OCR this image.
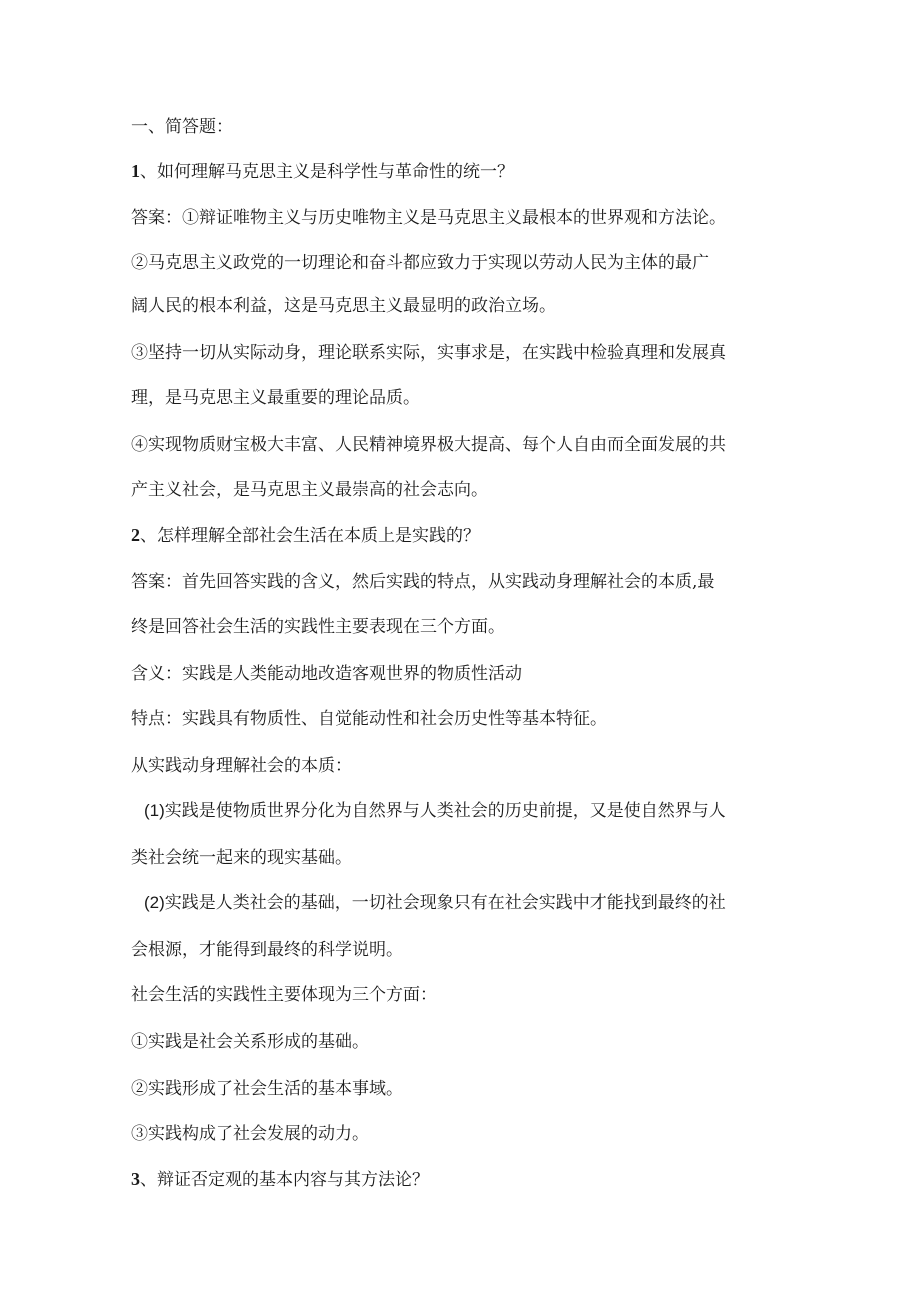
一、简答题：
1、如何理解马克思主义是科学性与革命性的统一？
答案：①辩证唯物主义与历史唯物主义是马克思主义最根本的世界观和方法论。
②马克思主义政党的一切理论和奋斗都应致力于实现以劳动人民为主体的最广
阔人民的根本利益，这是马克思主义最显明的政治立场。
③坚持一切从实际动身，理论联系实际，实事求是，在实践中检验真理和发展真
理，是马克思主义最重要的理论品质。
④实现物质财宝极大丰富、人民精神境界极大提高、每个人自由而全面发展的共
产主义社会，是马克思主义最崇高的社会志向。
2、怎样理解全部社会生活在本质上是实践的？
答案：首先回答实践的含义，然后实践的特点，从实践动身理解社会的本质,最
终是回答社会生活的实践性主要表现在三个方面。
含义：实践是人类能动地改造客观世界的物质性活动
特点：实践具有物质性、自觉能动性和社会历史性等基本特征。
从实践动身理解社会的本质：
(1)实践是使物质世界分化为自然界与人类社会的历史前提，又是使自然界与人
类社会统一起来的现实基础。
(2)实践是人类社会的基础，一切社会现象只有在社会实践中才能找到最终的社
会根源，才能得到最终的科学说明。
社会生活的实践性主要体现为三个方面：
①实践是社会关系形成的基础。
②实践形成了社会生活的基本事域。
③实践构成了社会发展的动力。
3、辩证否定观的基本内容与其方法论？
